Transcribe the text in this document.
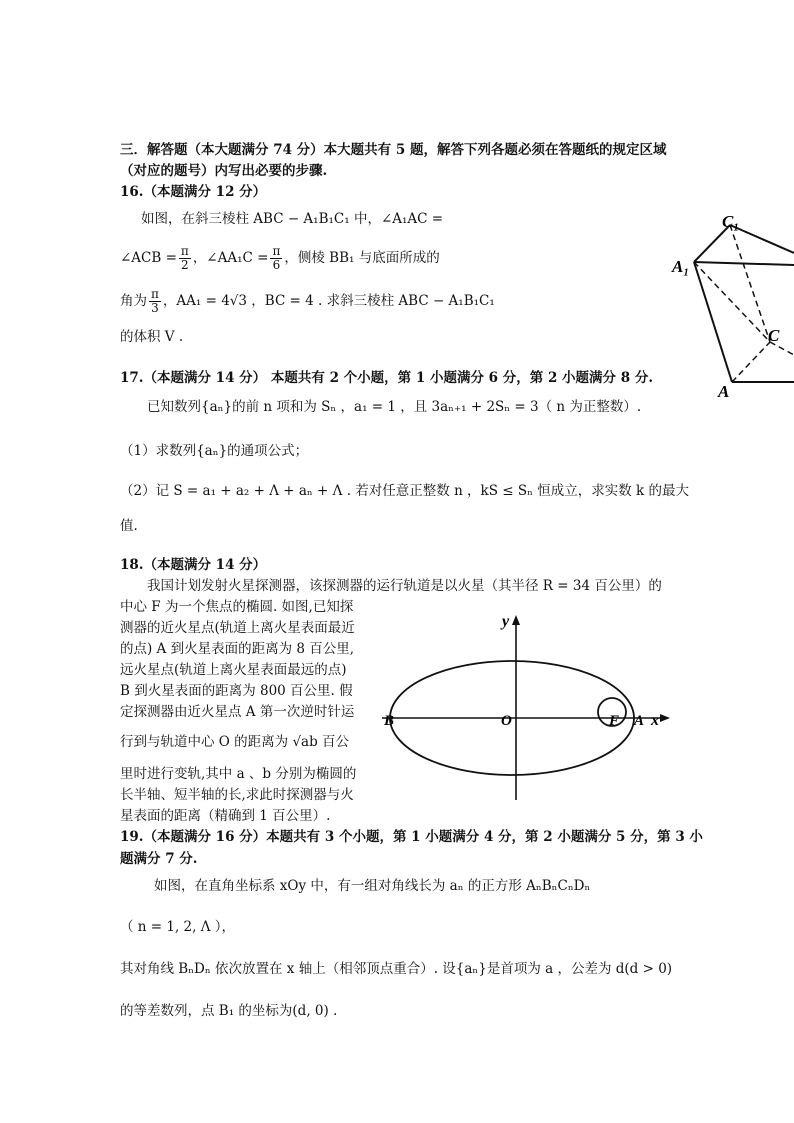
三．解答题（本大题满分 74 分）本大题共有 5 题，解答下列各题必须在答题纸的规定区域
（对应的题号）内写出必要的步骤.
16.（本题满分 12 分）
如图，在斜三棱柱 ABC − A₁B₁C₁ 中，∠A₁AC =
∠ACB = $\frac{\pi}{2}$ ，∠AA₁C = $\frac{\pi}{6}$ ，侧棱 BB₁ 与底面所成的
角为 $\frac{\pi}{3}$ ，AA₁ = 4√3 ，BC = 4 . 求斜三棱柱 ABC − A₁B₁C₁
的体积 V .
C₁
A₁
C
A
17.（本题满分 14 分） 本题共有 2 个小题，第 1 小题满分 6 分，第 2 小题满分 8 分.
已知数列{aₙ}的前 n 项和为 Sₙ ，a₁ = 1 ，且 3aₙ₊₁ + 2Sₙ = 3（ n 为正整数）.
（1）求数列{aₙ}的通项公式；
（2）记 S = a₁ + a₂ + Λ + aₙ + Λ . 若对任意正整数 n ，kS ≤ Sₙ 恒成立，求实数 k 的最大
值.
18.（本题满分 14 分）
我国计划发射火星探测器，该探测器的运行轨道是以火星（其半径 R = 34 百公里）的
中心 F 为一个焦点的椭圆. 如图,已知探
测器的近火星点(轨道上离火星表面最近
的点) A 到火星表面的距离为 8 百公里,
远火星点(轨道上离火星表面最远的点)
B 到火星表面的距离为 800 百公里. 假
定探测器由近火星点 A 第一次逆时针运
行到与轨道中心 O 的距离为 √ab 百公
里时进行变轨,其中 a 、b 分别为椭圆的
长半轴、短半轴的长,求此时探测器与火
星表面的距离（精确到 1 百公里）.
y
B	O	F A x
19.（本题满分 16 分）本题共有 3 个小题，第 1 小题满分 4 分，第 2 小题满分 5 分，第 3 小
题满分 7 分.
如图，在直角坐标系 xOy 中，有一组对角线长为 aₙ 的正方形 AₙBₙCₙDₙ
（ n = 1, 2, Λ ），
其对角线 BₙDₙ 依次放置在 x 轴上（相邻顶点重合）. 设{aₙ}是首项为 a ，公差为 d(d > 0)
的等差数列，点 B₁ 的坐标为(d, 0) .
